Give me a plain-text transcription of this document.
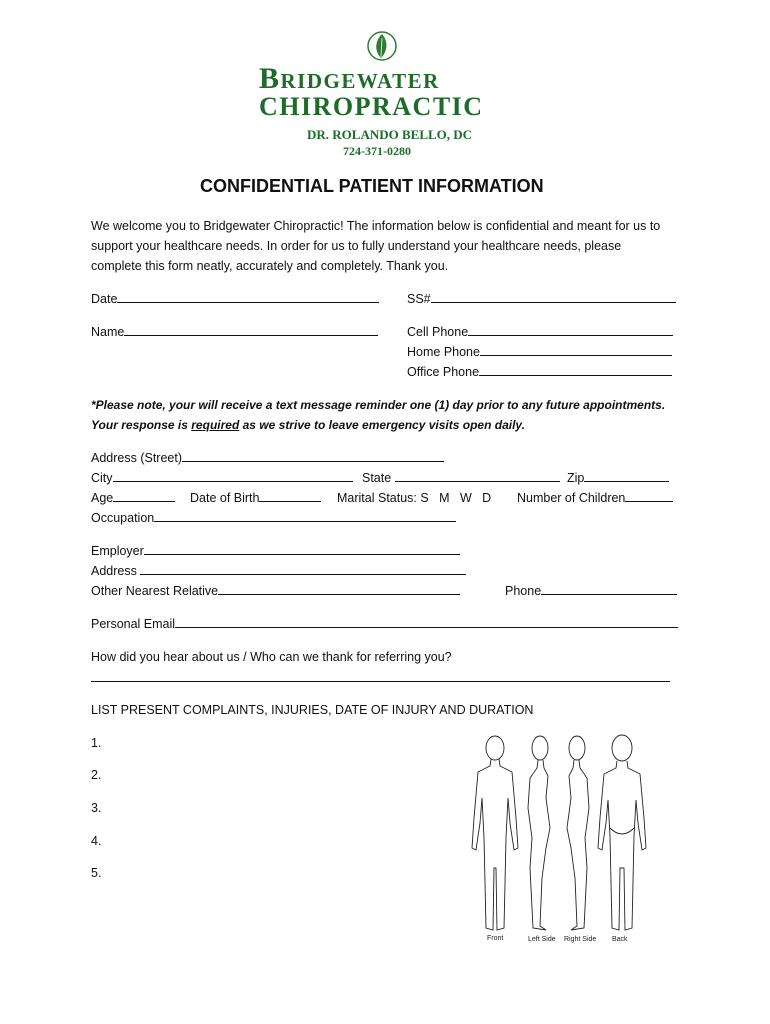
Bridgewater
CHIROPRACTIC
DR. ROLANDO BELLO, DC
724-371-0280
CONFIDENTIAL PATIENT INFORMATION
We welcome you to Bridgewater Chiropractic! The information below is confidential and meant for us to
support your healthcare needs. In order for us to fully understand your healthcare needs, please
complete this form neatly, accurately and completely. Thank you.
Date	SS#
Name	Cell Phone
Home Phone
Office Phone
*Please note, your will receive a text message reminder one (1) day prior to any future appointments.
Your response is required as we strive to leave emergency visits open daily.
Address (Street)
City	State	Zip
Age	Date of Birth	Marital Status: S   M   W   D Number of Children
Occupation
Employer
Address
Other Nearest Relative	Phone
Personal Email
How did you hear about us / Who can we thank for referring you?
LIST PRESENT COMPLAINTS, INJURIES, DATE OF INJURY AND DURATION
1.
2.
3.
4.
5.
Front	Left Side Right Side Back
